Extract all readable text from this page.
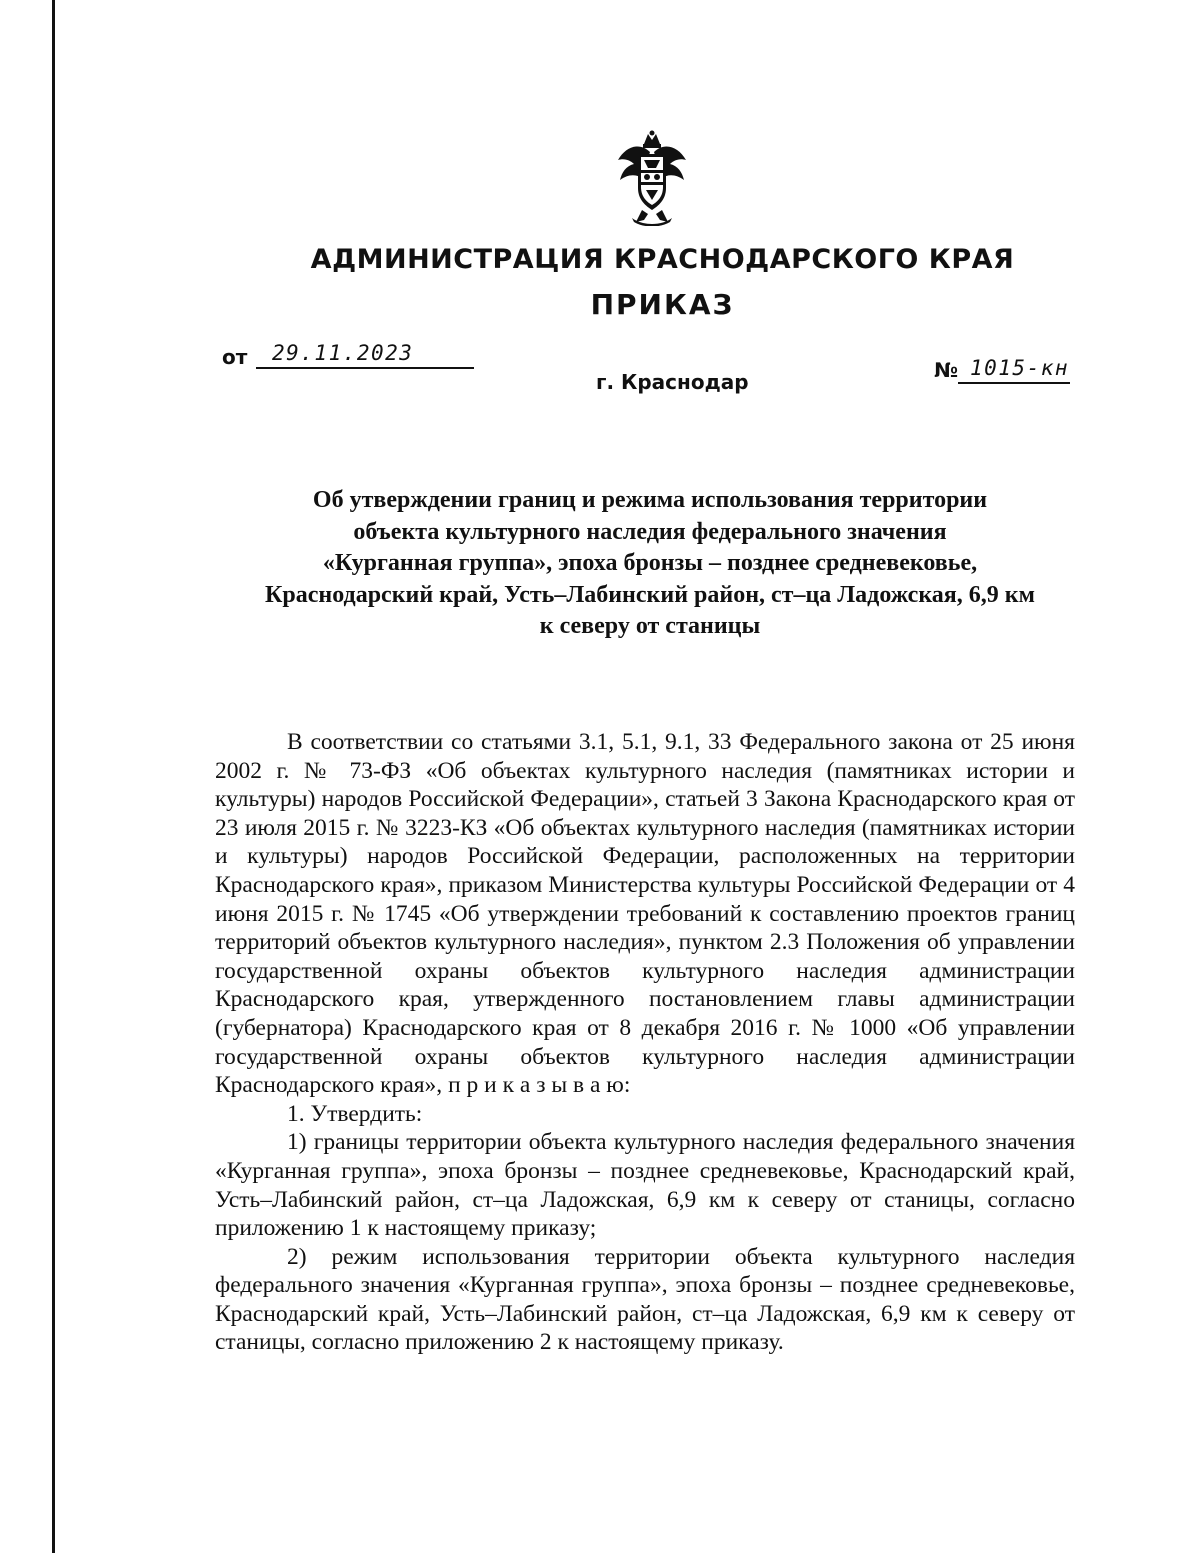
АДМИНИСТРАЦИЯ КРАСНОДАРСКОГО КРАЯ
ПРИКАЗ
от 29.11.2023
№ 1015-кн
г. Краснодар
Об утверждении границ и режима использования территории
объекта культурного наследия федерального значения
«Курганная группа», эпоха бронзы – позднее средневековье,
Краснодарский край, Усть–Лабинский район, ст–ца Ладожская, 6,9 км
к северу от станицы

В соответствии со статьями 3.1, 5.1, 9.1, 33 Федерального закона от 25 июня 2002 г. № 73-ФЗ «Об объектах культурного наследия (памятниках истории и культуры) народов Российской Федерации», статьей 3 Закона Краснодарского края от 23 июля 2015 г. № 3223-КЗ «Об объектах культурного наследия (памятниках истории и культуры) народов Российской Федерации, расположенных на территории Краснодарского края», приказом Министерства культуры Российской Федерации от 4 июня 2015 г. № 1745 «Об утверждении требований к составлению проектов границ территорий объектов культурного наследия», пунктом 2.3 Положения об управлении государственной охраны объектов культурного наследия администрации Краснодарского края, утвержденного постановлением главы администрации (губернатора) Краснодарского края от 8 декабря 2016 г. № 1000 «Об управлении государственной охраны объектов культурного наследия администрации Краснодарского края», п р и к а з ы в а ю:

1. Утвердить:

1) границы территории объекта культурного наследия федерального значения «Курганная группа», эпоха бронзы – позднее средневековье, Краснодарский край, Усть–Лабинский район, ст–ца Ладожская, 6,9 км к северу от станицы, согласно приложению 1 к настоящему приказу;

2) режим использования территории объекта культурного наследия федерального значения «Курганная группа», эпоха бронзы – позднее средневековье, Краснодарский край, Усть–Лабинский район, ст–ца Ладожская, 6,9 км к северу от станицы, согласно приложению 2 к настоящему приказу.
